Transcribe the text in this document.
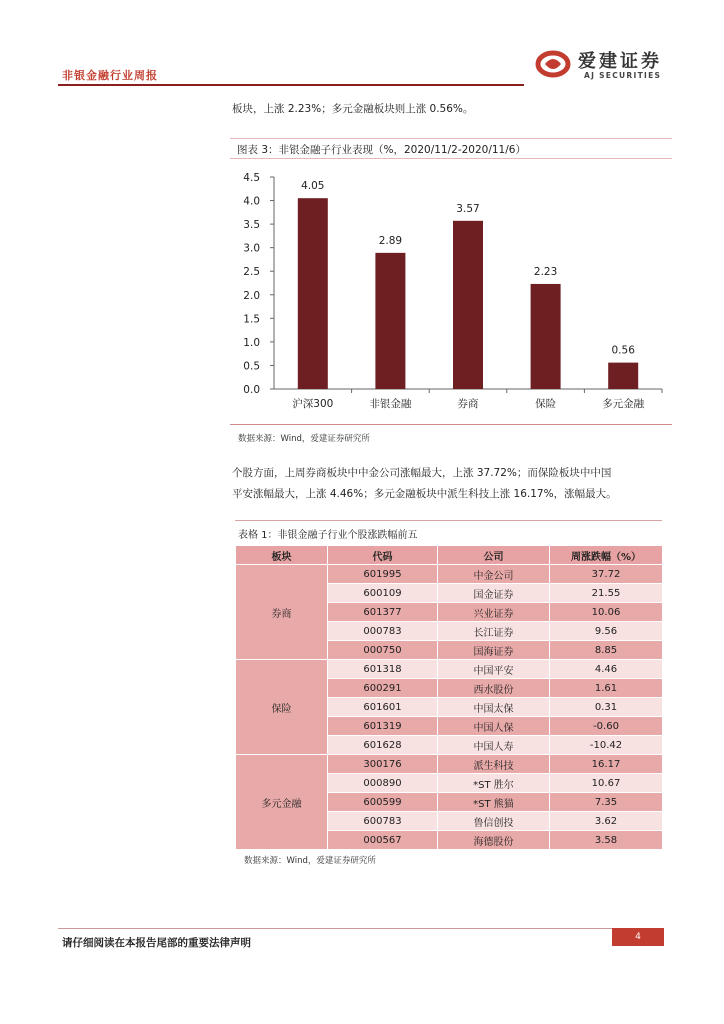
非银金融行业周报
爱建证券
AJ SECURITIES
板块，上涨 2.23%；多元金融板块则上涨 0.56%。
图表 3：非银金融子行业表现（%，2020/11/2-2020/11/6）
0.0
0.5
1.0
1.5
2.0
2.5
3.0
3.5
4.0
4.5
4.05
沪深300
2.89
非银金融
3.57
券商
2.23
保险
0.56
多元金融
数据来源：Wind，爱建证券研究所
个股方面，上周券商板块中中金公司涨幅最大，上涨 37.72%；而保险板块中中国
平安涨幅最大，上涨 4.46%；多元金融板块中派生科技上涨 16.17%，涨幅最大。
表格 1：非银金融子行业个股涨跌幅前五
板块	代码	公司	周涨跌幅（%）
券商	601995	中金公司	37.72
	600109	国金证券	21.55
	601377	兴业证券	10.06
	000783	长江证券	9.56
	000750	国海证券	8.85
保险	601318	中国平安	4.46
	600291	西水股份	1.61
	601601	中国太保	0.31
	601319	中国人保	-0.60
	601628	中国人寿	-10.42
多元金融	300176	派生科技	16.17
	000890	*ST 胜尔	10.67
	600599	*ST 熊猫	7.35
	600783	鲁信创投	3.62
	000567	海德股份	3.58
数据来源：Wind，爱建证券研究所
请仔细阅读在本报告尾部的重要法律声明	4
